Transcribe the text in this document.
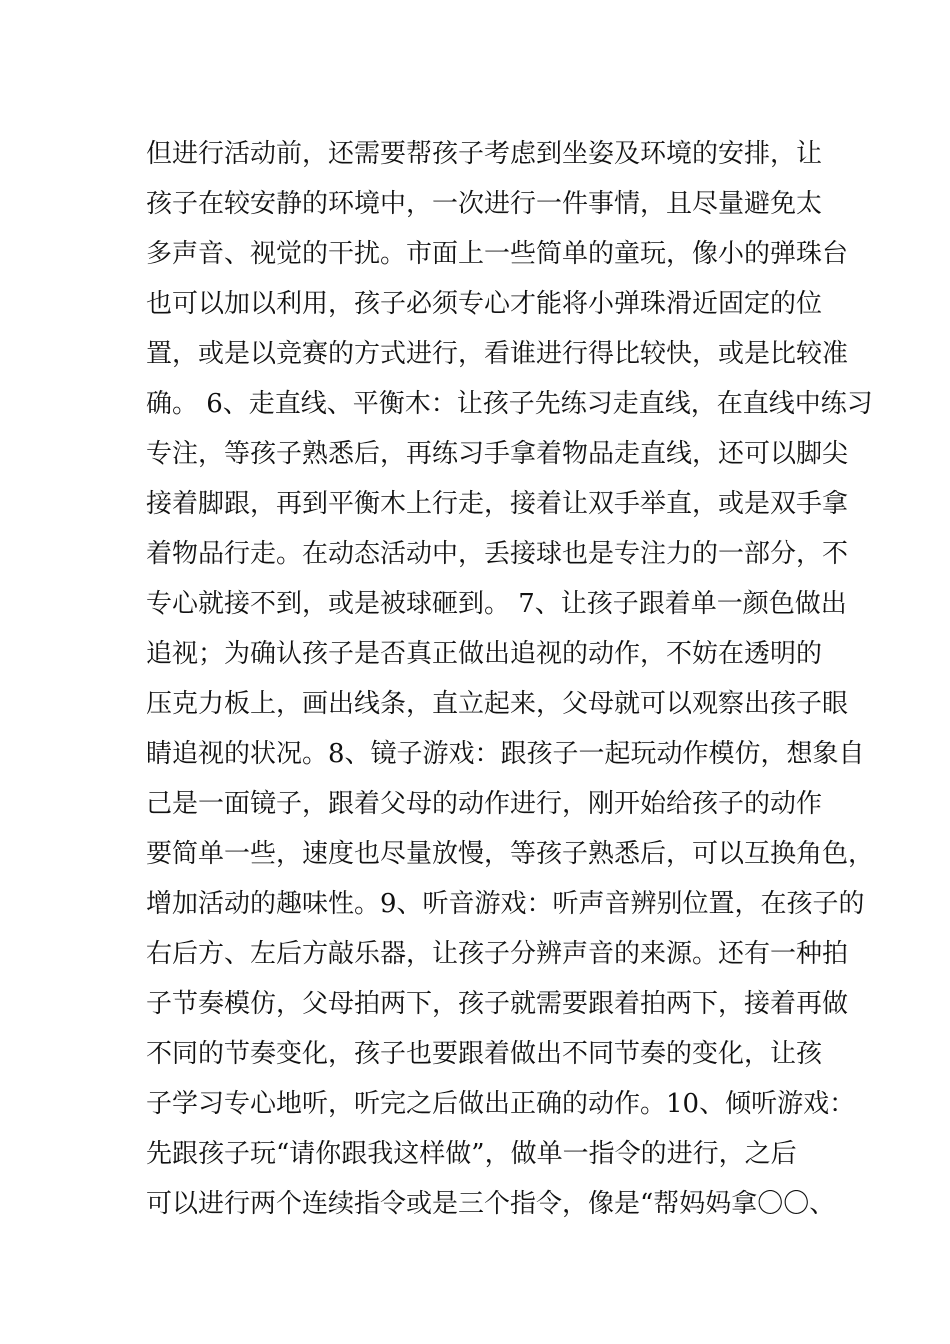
但进行活动前，还需要帮孩子考虑到坐姿及环境的安排，让
孩子在较安静的环境中，一次进行一件事情，且尽量避免太
多声音、视觉的干扰。市面上一些简单的童玩，像小的弹珠台
也可以加以利用，孩子必须专心才能将小弹珠滑近固定的位
置，或是以竞赛的方式进行，看谁进行得比较快，或是比较准
确。 6、走直线、平衡木：让孩子先练习走直线，在直线中练习
专注，等孩子熟悉后，再练习手拿着物品走直线，还可以脚尖
接着脚跟，再到平衡木上行走，接着让双手举直，或是双手拿
着物品行走。在动态活动中，丢接球也是专注力的一部分，不
专心就接不到，或是被球砸到。 7、让孩子跟着单一颜色做出
追视；为确认孩子是否真正做出追视的动作，不妨在透明的
压克力板上，画出线条，直立起来，父母就可以观察出孩子眼
睛追视的状况。8、镜子游戏：跟孩子一起玩动作模仿，想象自
己是一面镜子，跟着父母的动作进行，刚开始给孩子的动作
要简单一些，速度也尽量放慢，等孩子熟悉后，可以互换角色，
增加活动的趣味性。9、听音游戏：听声音辨别位置，在孩子的
右后方、左后方敲乐器，让孩子分辨声音的来源。还有一种拍
子节奏模仿，父母拍两下，孩子就需要跟着拍两下，接着再做
不同的节奏变化，孩子也要跟着做出不同节奏的变化，让孩
子学习专心地听，听完之后做出正确的动作。10、倾听游戏：
先跟孩子玩“请你跟我这样做”，做单一指令的进行，之后
可以进行两个连续指令或是三个指令，像是“帮妈妈拿〇〇、
